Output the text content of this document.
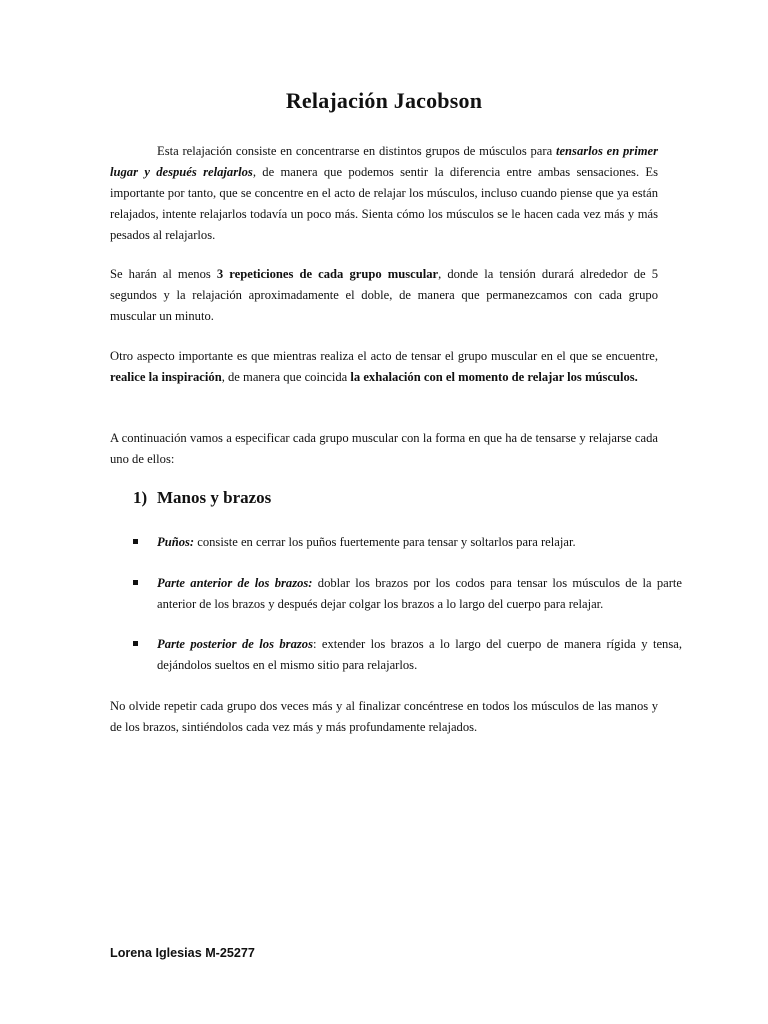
Relajación Jacobson
Esta relajación consiste en concentrarse en distintos grupos de músculos para tensarlos en primer lugar y después relajarlos, de manera que podemos sentir la diferencia entre ambas sensaciones. Es importante por tanto, que se concentre en el acto de relajar los músculos, incluso cuando piense que ya están relajados, intente relajarlos todavía un poco más. Sienta cómo los músculos se le hacen cada vez más y más pesados al relajarlos.
Se harán al menos 3 repeticiones de cada grupo muscular, donde la tensión durará alrededor de 5 segundos y la relajación aproximadamente el doble, de manera que permanezcamos con cada grupo muscular un minuto.
Otro aspecto importante es que mientras realiza el acto de tensar el grupo muscular en el que se encuentre, realice la inspiración, de manera que coincida la exhalación con el momento de relajar los músculos.
A continuación vamos a especificar cada grupo muscular con la forma en que ha de tensarse y relajarse cada uno de ellos:
1) Manos y brazos
Puños: consiste en cerrar los puños fuertemente para tensar y soltarlos para relajar.
Parte anterior de los brazos: doblar los brazos por los codos para tensar los músculos de la parte anterior de los brazos y después dejar colgar los brazos a lo largo del cuerpo para relajar.
Parte posterior de los brazos: extender los brazos a lo largo del cuerpo de manera rígida y tensa, dejándolos sueltos en el mismo sitio para relajarlos.
No olvide repetir cada grupo dos veces más y al finalizar concéntrese en todos los músculos de las manos y de los brazos, sintiéndolos cada vez más y más profundamente relajados.
Lorena Iglesias M-25277
